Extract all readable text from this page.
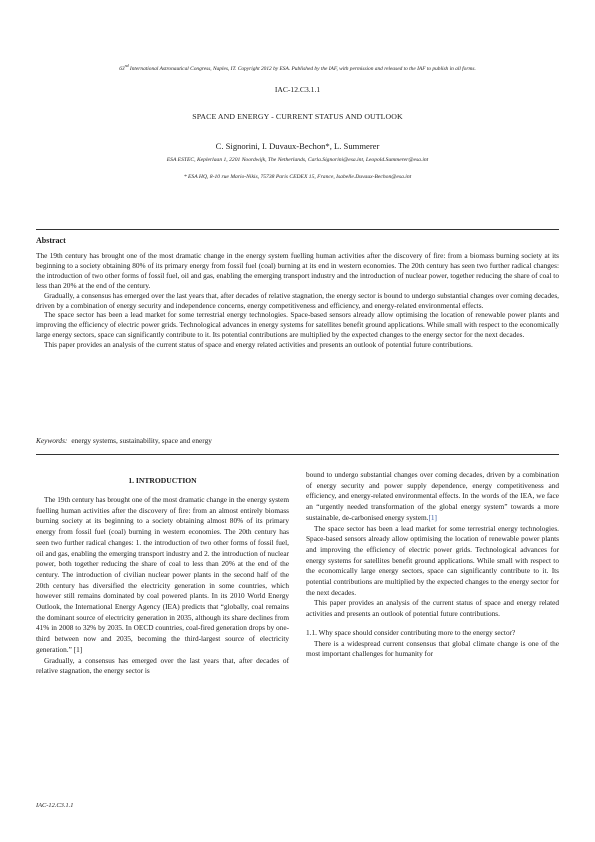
63nd International Astronautical Congress, Naples, IT. Copyright 2012 by ESA. Published by the IAF, with permission and released to the IAF to publish in all forms.
IAC-12.C3.1.1
SPACE AND ENERGY - CURRENT STATUS AND OUTLOOK
C. Signorini, I. Duvaux-Bechon*, L. Summerer
ESA ESTEC, Keplerlaan 1, 2201 Noordwijk, The Netherlands, Carla.Signorini@esa.int, Leopold.Summerer@esa.int
* ESA HQ, 8-10 rue Mario-Nikis, 75738 Paris CEDEX 15, France, Isabelle.Duvaux-Bechon@esa.int
Abstract

The 19th century has brought one of the most dramatic change in the energy system fuelling human activities after the discovery of fire: from a biomass burning society at its beginning to a society obtaining 80% of its primary energy from fossil fuel (coal) burning at its end in western economies. The 20th century has seen two further radical changes: the introduction of two other forms of fossil fuel, oil and gas, enabling the emerging transport industry and the introduction of nuclear power, together reducing the share of coal to less than 20% at the end of the century.

Gradually, a consensus has emerged over the last years that, after decades of relative stagnation, the energy sector is bound to undergo substantial changes over coming decades, driven by a combination of energy security and independence concerns, energy competitiveness and efficiency, and energy-related environmental effects.

The space sector has been a lead market for some terrestrial energy technologies. Space-based sensors already allow optimising the location of renewable power plants and improving the efficiency of electric power grids. Technological advances in energy systems for satellites benefit ground applications. While small with respect to the economically large energy sectors, space can significantly contribute to it. Its potential contributions are multiplied by the expected changes to the energy sector for the next decades.

This paper provides an analysis of the current status of space and energy related activities and presents an outlook of potential future contributions.

Keywords: energy systems, sustainability, space and energy
1. INTRODUCTION

The 19th century has brought one of the most dramatic change in the energy system fuelling human activities after the discovery of fire: from an almost entirely biomass burning society at its beginning to a society obtaining almost 80% of its primary energy from fossil fuel (coal) burning in western economies. The 20th century has seen two further radical changes: 1. the introduction of two other forms of fossil fuel, oil and gas, enabling the emerging transport industry and 2. the introduction of nuclear power, both together reducing the share of coal to less than 20% at the end of the century. The introduction of civilian nuclear power plants in the second half of the 20th century has diversified the electricity generation in some countries, which however still remains dominated by coal powered plants. In its 2010 World Energy Outlook, the International Energy Agency (IEA) predicts that “globally, coal remains the dominant source of electricity generation in 2035, although its share declines from 41% in 2008 to 32% by 2035. In OECD countries, coal-fired generation drops by one-third between now and 2035, becoming the third-largest source of electricity generation.” [1]

Gradually, a consensus has emerged over the last years that, after decades of relative stagnation, the energy sector is

bound to undergo substantial changes over coming decades, driven by a combination of energy security and power supply dependence, energy competitiveness and efficiency, and energy-related environmental effects. In the words of the IEA, we face an “urgently needed transformation of the global energy system” towards a more sustainable, de-carbonised energy system.[1]

The space sector has been a lead market for some terrestrial energy technologies. Space-based sensors already allow optimising the location of renewable power plants and improving the efficiency of electric power grids. Technological advances for energy systems for satellites benefit ground applications. While small with respect to the economically large energy sectors, space can significantly contribute to it. Its potential contributions are multiplied by the expected changes to the energy sector for the next decades.

This paper provides an analysis of the current status of space and energy related activities and presents an outlook of potential future contributions.

1.1. Why space should consider contributing more to the energy sector?

There is a widespread current consensus that global climate change is one of the most important challenges for humanity for

IAC-12.C3.1.1
